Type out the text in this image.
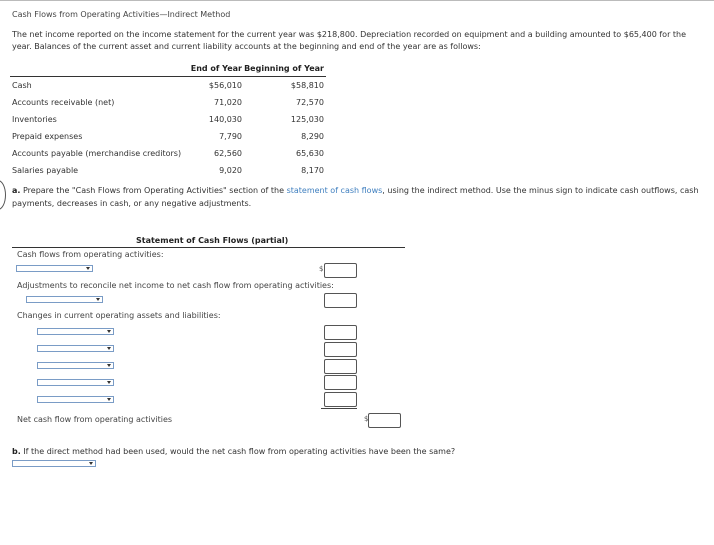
Cash Flows from Operating Activities—Indirect Method
The net income reported on the income statement for the current year was $218,800. Depreciation recorded on equipment and a building amounted to $65,400 for the year. Balances of the current asset and current liability accounts at the beginning and end of the year are as follows:
	End of Year	Beginning of Year
Cash	$56,010	$58,810
Accounts receivable (net)	71,020	72,570
Inventories	140,030	125,030
Prepaid expenses	7,790	8,290
Accounts payable (merchandise creditors)	62,560	65,630
Salaries payable	9,020	8,170
a. Prepare the "Cash Flows from Operating Activities" section of the statement of cash flows, using the indirect method. Use the minus sign to indicate cash outflows, cash payments, decreases in cash, or any negative adjustments.
Statement of Cash Flows (partial)
Cash flows from operating activities:
$
Adjustments to reconcile net income to net cash flow from operating activities:
Changes in current operating assets and liabilities:
Net cash flow from operating activities	$
b. If the direct method had been used, would the net cash flow from operating activities have been the same?
